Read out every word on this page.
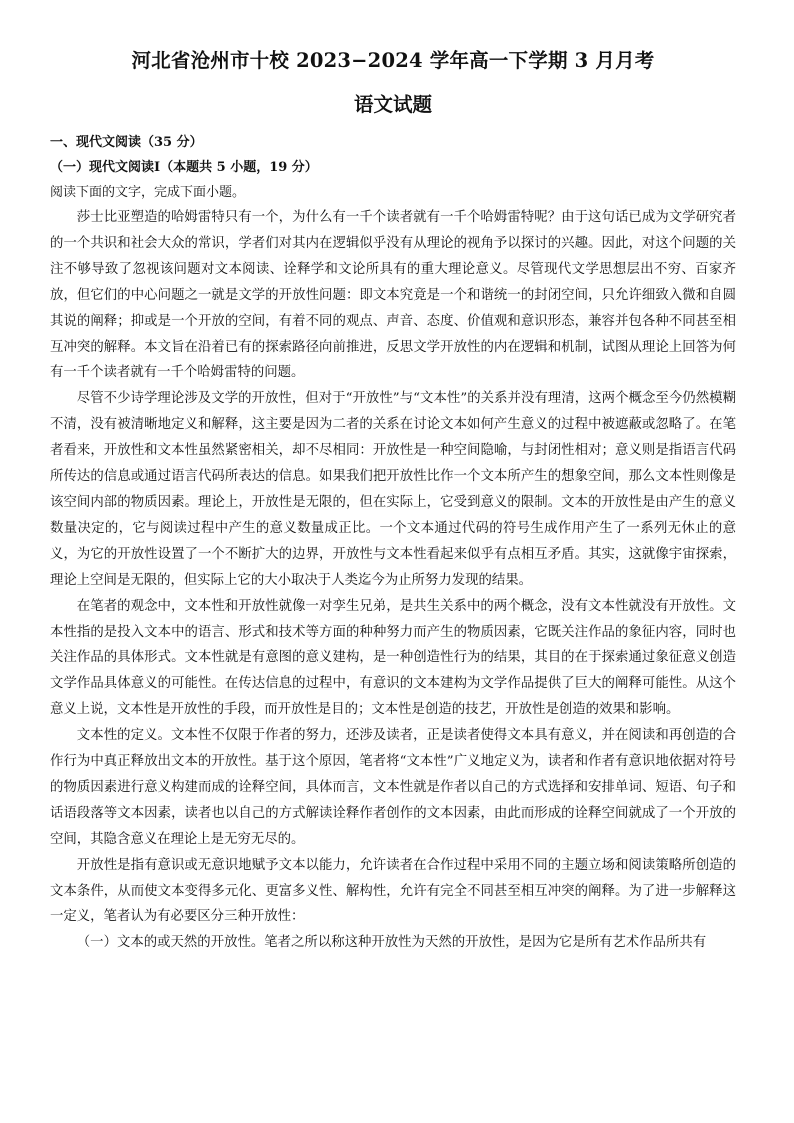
河北省沧州市十校 2023−2024 学年高一下学期 3 月月考
语文试题

一、现代文阅读（35 分）

（一）现代文阅读Ⅰ（本题共 5 小题，19 分）

阅读下面的文字，完成下面小题。

莎士比亚塑造的哈姆雷特只有一个，为什么有一千个读者就有一千个哈姆雷特呢？由于这句话已成为文学研究者的一个共识和社会大众的常识，学者们对其内在逻辑似乎没有从理论的视角予以探讨的兴趣。因此，对这个问题的关注不够导致了忽视该问题对文本阅读、诠释学和文论所具有的重大理论意义。尽管现代文学思想层出不穷、百家齐放，但它们的中心问题之一就是文学的开放性问题：即文本究竟是一个和谐统一的封闭空间，只允许细致入微和自圆其说的阐释；抑或是一个开放的空间，有着不同的观点、声音、态度、价值观和意识形态，兼容并包各种不同甚至相互冲突的解释。本文旨在沿着已有的探索路径向前推进，反思文学开放性的内在逻辑和机制，试图从理论上回答为何有一千个读者就有一千个哈姆雷特的问题。

尽管不少诗学理论涉及文学的开放性，但对于“开放性”与“文本性”的关系并没有理清，这两个概念至今仍然模糊不清，没有被清晰地定义和解释，这主要是因为二者的关系在讨论文本如何产生意义的过程中被遮蔽或忽略了。在笔者看来，开放性和文本性虽然紧密相关，却不尽相同：开放性是一种空间隐喻，与封闭性相对；意义则是指语言代码所传达的信息或通过语言代码所表达的信息。如果我们把开放性比作一个文本所产生的想象空间，那么文本性则像是该空间内部的物质因素。理论上，开放性是无限的，但在实际上，它受到意义的限制。文本的开放性是由产生的意义数量决定的，它与阅读过程中产生的意义数量成正比。一个文本通过代码的符号生成作用产生了一系列无休止的意义，为它的开放性设置了一个不断扩大的边界，开放性与文本性看起来似乎有点相互矛盾。其实，这就像宇宙探索，理论上空间是无限的，但实际上它的大小取决于人类迄今为止所努力发现的结果。

在笔者的观念中，文本性和开放性就像一对孪生兄弟，是共生关系中的两个概念，没有文本性就没有开放性。文本性指的是投入文本中的语言、形式和技术等方面的种种努力而产生的物质因素，它既关注作品的象征内容，同时也关注作品的具体形式。文本性就是有意图的意义建构，是一种创造性行为的结果，其目的在于探索通过象征意义创造文学作品具体意义的可能性。在传达信息的过程中，有意识的文本建构为文学作品提供了巨大的阐释可能性。从这个意义上说，文本性是开放性的手段，而开放性是目的；文本性是创造的技艺，开放性是创造的效果和影响。

文本性的定义。文本性不仅限于作者的努力，还涉及读者，正是读者使得文本具有意义，并在阅读和再创造的合作行为中真正释放出文本的开放性。基于这个原因，笔者将“文本性”广义地定义为，读者和作者有意识地依据对符号的物质因素进行意义构建而成的诠释空间，具体而言，文本性就是作者以自己的方式选择和安排单词、短语、句子和话语段落等文本因素，读者也以自己的方式解读诠释作者创作的文本因素，由此而形成的诠释空间就成了一个开放的空间，其隐含意义在理论上是无穷无尽的。

开放性是指有意识或无意识地赋予文本以能力，允许读者在合作过程中采用不同的主题立场和阅读策略所创造的文本条件，从而使文本变得多元化、更富多义性、解构性，允许有完全不同甚至相互冲突的阐释。为了进一步解释这一定义，笔者认为有必要区分三种开放性：

（一）文本的或天然的开放性。笔者之所以称这种开放性为天然的开放性，是因为它是所有艺术作品所共有
